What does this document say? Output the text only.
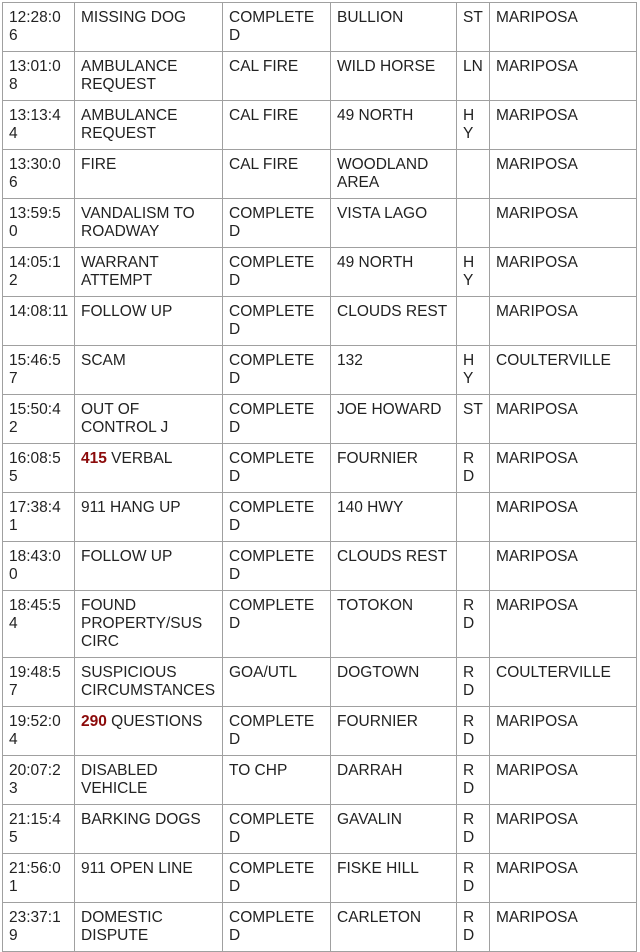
12:28:06	MISSING DOG	COMPLETED	BULLION	ST	MARIPOSA
13:01:08	AMBULANCE REQUEST	CAL FIRE	WILD HORSE	LN	MARIPOSA
13:13:44	AMBULANCE REQUEST	CAL FIRE	49 NORTH	HY	MARIPOSA
13:30:06	FIRE	CAL FIRE	WOODLAND AREA		MARIPOSA
13:59:50	VANDALISM TO ROADWAY	COMPLETED	VISTA LAGO		MARIPOSA
14:05:12	WARRANT ATTEMPT	COMPLETED	49 NORTH	HY	MARIPOSA
14:08:11	FOLLOW UP	COMPLETED	CLOUDS REST		MARIPOSA
15:46:57	SCAM	COMPLETED	132	HY	COULTERVILLE
15:50:42	OUT OF CONTROL J	COMPLETED	JOE HOWARD	ST	MARIPOSA
16:08:55	415 VERBAL	COMPLETED	FOURNIER	RD	MARIPOSA
17:38:41	911 HANG UP	COMPLETED	140 HWY		MARIPOSA
18:43:00	FOLLOW UP	COMPLETED	CLOUDS REST		MARIPOSA
18:45:54	FOUND PROPERTY/SUS CIRC	COMPLETED	TOTOKON	RD	MARIPOSA
19:48:57	SUSPICIOUS CIRCUMSTANCES	GOA/UTL	DOGTOWN	RD	COULTERVILLE
19:52:04	290 QUESTIONS	COMPLETED	FOURNIER	RD	MARIPOSA
20:07:23	DISABLED VEHICLE	TO CHP	DARRAH	RD	MARIPOSA
21:15:45	BARKING DOGS	COMPLETED	GAVALIN	RD	MARIPOSA
21:56:01	911 OPEN LINE	COMPLETED	FISKE HILL	RD	MARIPOSA
23:37:19	DOMESTIC DISPUTE	COMPLETED	CARLETON	RD	MARIPOSA
